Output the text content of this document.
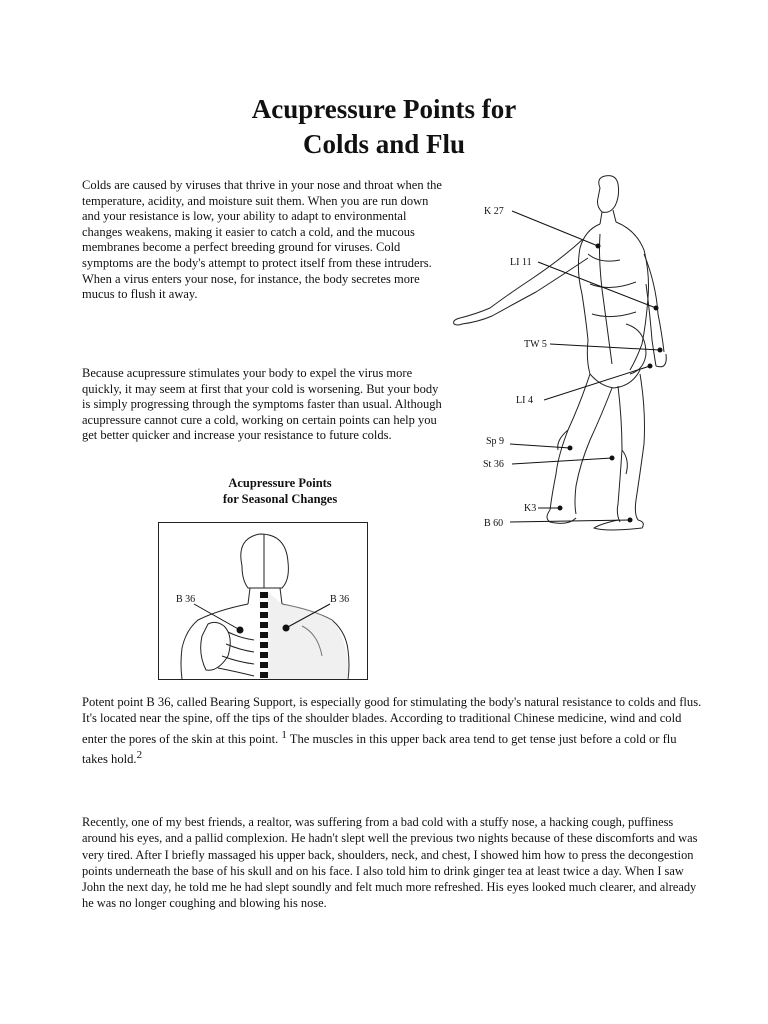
Acupressure Points for
Colds and Flu

Colds are caused by viruses that thrive in your nose and throat when the temperature, acidity, and moisture suit them. When you are run down and your resistance is low, your ability to adapt to environmental changes weakens, making it easier to catch a cold, and the mucous membranes become a perfect breeding ground for viruses. Cold symptoms are the body's attempt to protect itself from these intruders. When a virus enters your nose, for instance, the body secretes more mucus to flush it away.

Because acupressure stimulates your body to expel the virus more quickly, it may seem at first that your cold is worsening. But your body is simply progressing through the symptoms faster than usual. Although acupressure cannot cure a cold, working on certain points can help you get better quicker and increase your resistance to future colds.

Acupressure Points
for Seasonal Changes
K 27
LI 11
TW 5
LI 4
Sp 9
St 36
K3
B 60
B 36	B 36

Potent point B 36, called Bearing Support, is especially good for stimulating the body's natural resistance to colds and flus. It's located near the spine, off the tips of the shoulder blades. According to traditional Chinese medicine, wind and cold enter the pores of the skin at this point. $^1$ The muscles in this upper back area tend to get tense just before a cold or flu takes hold.$^2$

Recently, one of my best friends, a realtor, was suffering from a bad cold with a stuffy nose, a hacking cough, puffiness around his eyes, and a pallid complexion. He hadn't slept well the previous two nights because of these discomforts and was very tired. After I briefly massaged his upper back, shoulders, neck, and chest, I showed him how to press the decongestion points underneath the base of his skull and on his face. I also told him to drink ginger tea at least twice a day. When I saw John the next day, he told me he had slept soundly and felt much more refreshed. His eyes looked much clearer, and already he was no longer coughing and blowing his nose.
